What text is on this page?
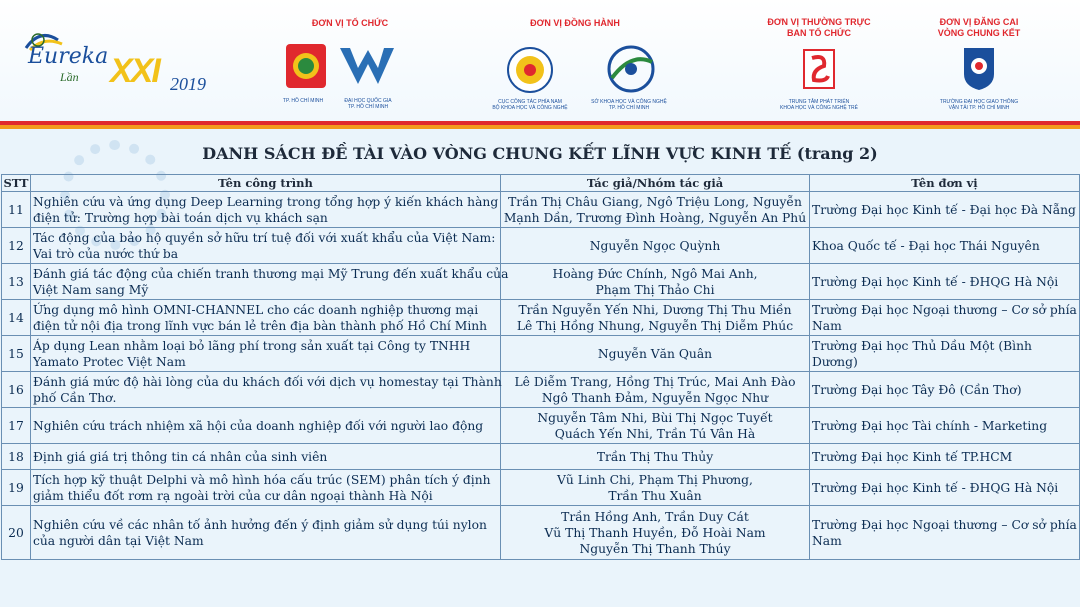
Eureka
Lần XXI 2019
ĐƠN VỊ TỔ CHỨC
TP. HỒ CHÍ MINH	ĐẠI HỌC QUỐC GIA
TP. HỒ CHÍ MINH
ĐƠN VỊ ĐỒNG HÀNH
CỤC CÔNG TÁC PHÍA NAM
BỘ KHOA HỌC VÀ CÔNG NGHỆ
SỞ KHOA HỌC VÀ CÔNG NGHỆ
TP. HỒ CHÍ MINH
ĐƠN VỊ THƯỜNG TRỰC
BAN TỔ CHỨC
TRUNG TÂM PHÁT TRIỂN
KHOA HỌC VÀ CÔNG NGHỆ TRẺ
ĐƠN VỊ ĐĂNG CAI
VÒNG CHUNG KẾT
TRƯỜNG ĐẠI HỌC GIAO THÔNG
VẬN TẢI TP. HỒ CHÍ MINH
DANH SÁCH ĐỀ TÀI VÀO VÒNG CHUNG KẾT LĨNH VỰC KINH TẾ (trang 2)
STT	Tên công trình	Tác giả/Nhóm tác giả	Tên đơn vị
11	Nghiên cứu và ứng dụng Deep Learning trong tổng hợp ý kiến khách hàng
điện tử: Trường hợp bài toán dịch vụ khách sạn	Trần Thị Châu Giang, Ngô Triệu Long, Nguyễn
Mạnh Dần, Trương Đình Hoàng, Nguyễn An Phú	Trường Đại học Kinh tế - Đại học Đà Nẵng

12	Tác động của bảo hộ quyền sở hữu trí tuệ đối với xuất khẩu của Việt Nam:
Vai trò của nước thứ ba	Nguyễn Ngọc Quỳnh	Khoa Quốc tế - Đại học Thái Nguyên

13	Đánh giá tác động của chiến tranh thương mại Mỹ Trung đến xuất khẩu của
Việt Nam sang Mỹ	Hoàng Đức Chính, Ngô Mai Anh,
Phạm Thị Thảo Chi	Trường Đại học Kinh tế - ĐHQG Hà Nội

14	Ứng dụng mô hình OMNI-CHANNEL cho các doanh nghiệp thương mại
điện tử nội địa trong lĩnh vực bán lẻ trên địa bàn thành phố Hồ Chí Minh	Trần Nguyễn Yến Nhi, Dương Thị Thu Miền
Lê Thị Hồng Nhung, Nguyễn Thị Diễm Phúc	Trường Đại học Ngoại thương – Cơ sở phía
Nam

15	Áp dụng Lean nhằm loại bỏ lãng phí trong sản xuất tại Công ty TNHH
Yamato Protec Việt Nam	Nguyễn Văn Quân	Trường Đại học Thủ Dầu Một (Bình
Dương)

16	Đánh giá mức độ hài lòng của du khách đối với dịch vụ homestay tại Thành
phố Cần Thơ.	Lê Diễm Trang, Hồng Thị Trúc, Mai Anh Đào
Ngô Thanh Đảm, Nguyễn Ngọc Như	Trường Đại học Tây Đô (Cần Thơ)

17	Nghiên cứu trách nhiệm xã hội của doanh nghiệp đối với người lao động	Nguyễn Tâm Nhi, Bùi Thị Ngọc Tuyết
Quách Yến Nhi, Trần Tú Vân Hà	Trường Đại học Tài chính - Marketing

18	Định giá giá trị thông tin cá nhân của sinh viên	Trần Thị Thu Thủy	Trường Đại học Kinh tế TP.HCM

19	Tích hợp kỹ thuật Delphi và mô hình hóa cấu trúc (SEM) phân tích ý định
giảm thiểu đốt rơm rạ ngoài trời của cư dân ngoại thành Hà Nội	Vũ Linh Chi, Phạm Thị Phương,
Trần Thu Xuân	Trường Đại học Kinh tế - ĐHQG Hà Nội

20	Nghiên cứu về các nhân tố ảnh hưởng đến ý định giảm sử dụng túi nylon
của người dân tại Việt Nam	Trần Hồng Anh, Trần Duy Cát
Vũ Thị Thanh Huyền, Đỗ Hoài Nam
Nguyễn Thị Thanh Thúy	Trường Đại học Ngoại thương – Cơ sở phía
Nam
